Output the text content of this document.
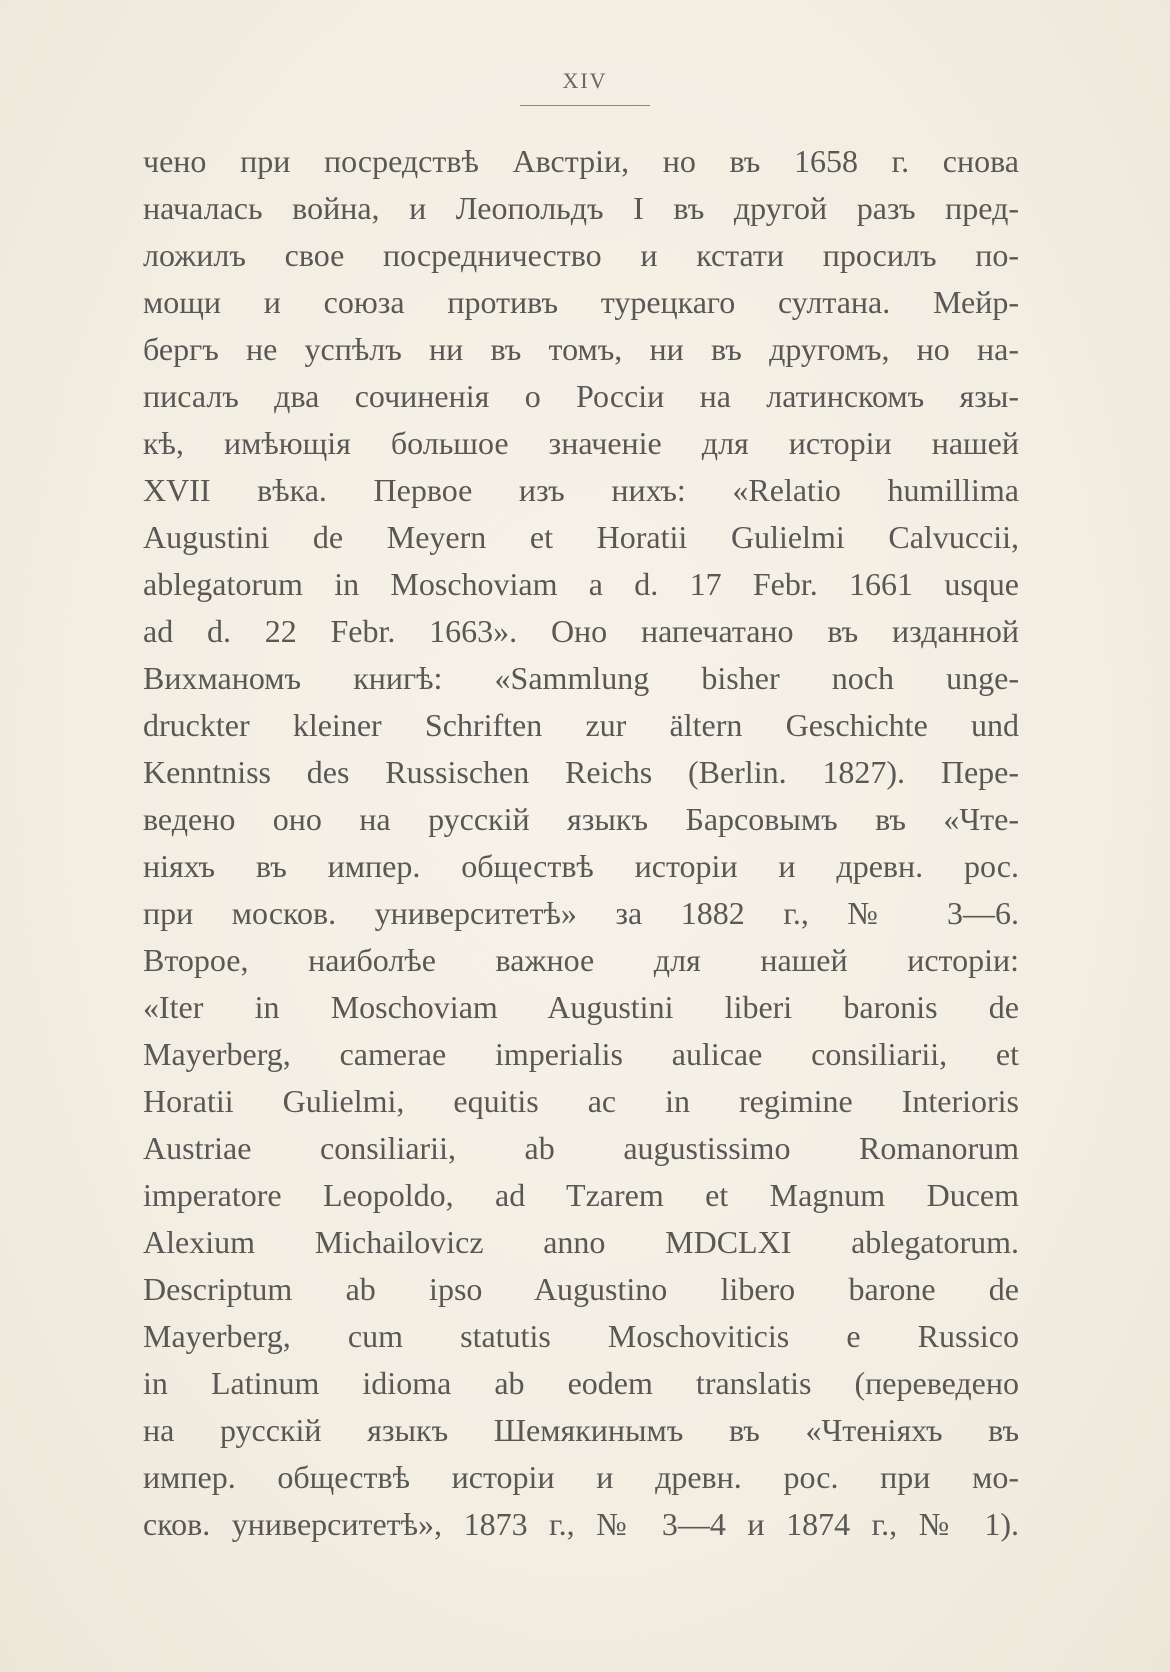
XIV
чено при посредствѣ Австріи, но въ 1658 г. снова
началась война, и Леопольдъ I въ другой разъ пред-
ложилъ свое посредничество и кстати просилъ по-
мощи и союза противъ турецкаго султана. Мейр-
бергъ не успѣлъ ни въ томъ, ни въ другомъ, но на-
писалъ два сочиненія о Россіи на латинскомъ язы-
кѣ, имѣющія большое значеніе для исторіи нашей
XVII вѣка. Первое изъ нихъ: «Relatio humillima
Augustini de Meyern et Horatii Gulielmi Calvuccii,
ablegatorum in Moschoviam a d. 17 Febr. 1661 usque
ad d. 22 Febr. 1663». Оно напечатано въ изданной
Вихманомъ книгѣ: «Sammlung bisher noch unge-
druckter kleiner Schriften zur ältern Geschichte und
Kenntniss des Russischen Reichs (Berlin. 1827). Пере-
ведено оно на русскій языкъ Барсовымъ въ «Чте-
ніяхъ въ импер. обществѣ исторіи и древн. рос.
при москов. университетѣ» за 1882 г., № 3—6.
Второе, наиболѣе важное для нашей исторіи:
«Iter in Moschoviam Augustini liberi baronis de
Mayerberg, camerae imperialis aulicae consiliarii, et
Horatii Gulielmi, equitis ac in regimine Interioris
Austriae consiliarii, ab augustissimo Romanorum
imperatore Leopoldo, ad Tzarem et Magnum Ducem
Alexium Michailovicz anno MDCLXI ablegatorum.
Descriptum ab ipso Augustino libero barone de
Mayerberg, cum statutis Moschoviticis e Russico
in Latinum idioma ab eodem translatis (переведено
на русскій языкъ Шемякинымъ въ «Чтеніяхъ въ
импер. обществѣ исторіи и древн. рос. при мо-
сков. университетѣ», 1873 г., № 3—4 и 1874 г., № 1).
